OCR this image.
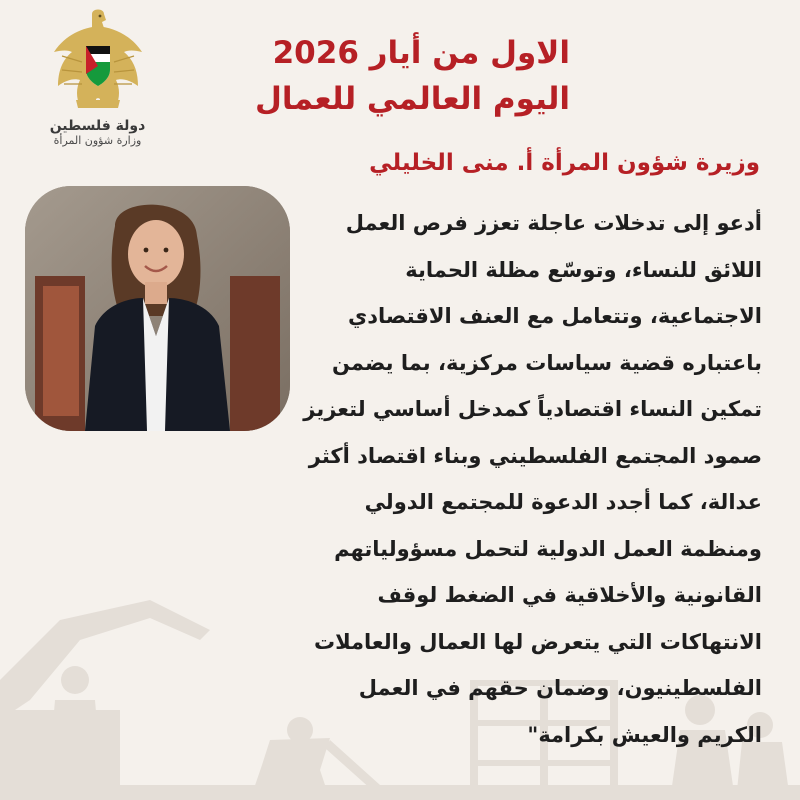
دولة فلسطين
وزارة شؤون المرأة
الاول من أيار 2026
اليوم العالمي للعمال
وزيرة شؤون المرأة أ. منى الخليلي
أدعو إلى تدخلات عاجلة تعزز فرص العمل
اللائق للنساء، وتوسّع مظلة الحماية
الاجتماعية، وتتعامل مع العنف الاقتصادي
باعتباره قضية سياسات مركزية، بما يضمن
تمكين النساء اقتصادياً كمدخل أساسي لتعزيز
صمود المجتمع الفلسطيني وبناء اقتصاد أكثر
عدالة، كما أجدد الدعوة للمجتمع الدولي
ومنظمة العمل الدولية لتحمل مسؤولياتهم
القانونية والأخلاقية في الضغط لوقف
الانتهاكات التي يتعرض لها العمال والعاملات
الفلسطينيون، وضمان حقهم في العمل
الكريم والعيش بكرامة"
